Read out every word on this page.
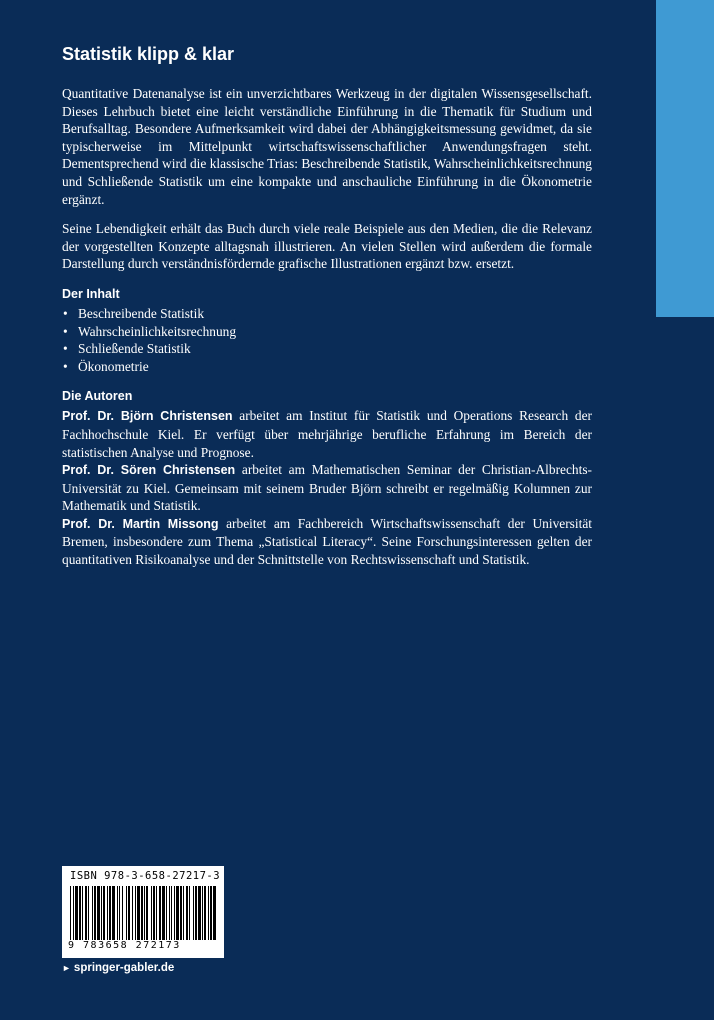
Statistik klipp & klar

Quantitative Datenanalyse ist ein unverzichtbares Werkzeug in der digitalen Wissensgesellschaft. Dieses Lehrbuch bietet eine leicht verständliche Einführung in die Thematik für Studium und Berufsalltag. Besondere Aufmerksamkeit wird dabei der Abhängigkeitsmessung gewidmet, da sie typischerweise im Mittelpunkt wirtschaftswissenschaftlicher Anwendungsfragen steht. Dementsprechend wird die klassische Trias: Beschreibende Statistik, Wahrscheinlichkeitsrechnung und Schließende Statistik um eine kompakte und anschauliche Einführung in die Ökonometrie ergänzt.

Seine Lebendigkeit erhält das Buch durch viele reale Beispiele aus den Medien, die die Relevanz der vorgestellten Konzepte alltagsnah illustrieren. An vielen Stellen wird außerdem die formale Darstellung durch verständnisfördernde grafische Illustrationen ergänzt bzw. ersetzt.

Der Inhalt
• Beschreibende Statistik
• Wahrscheinlichkeitsrechnung
• Schließende Statistik
• Ökonometrie
Die Autoren

Prof. Dr. Björn Christensen arbeitet am Institut für Statistik und Operations Research der Fachhochschule Kiel. Er verfügt über mehrjährige berufliche Erfahrung im Bereich der statistischen Analyse und Prognose.

Prof. Dr. Sören Christensen arbeitet am Mathematischen Seminar der Christian-Albrechts-Universität zu Kiel. Gemeinsam mit seinem Bruder Björn schreibt er regelmäßig Kolumnen zur Mathematik und Statistik.

Prof. Dr. Martin Missong arbeitet am Fachbereich Wirtschaftswissenschaft der Universität Bremen, insbesondere zum Thema „Statistical Literacy“. Seine Forschungsinteressen gelten der quantitativen Risikoanalyse und der Schnittstelle von Rechtswissenschaft und Statistik.

ISBN 978-3-658-27217-3
9 783658 272173
► springer-gabler.de
